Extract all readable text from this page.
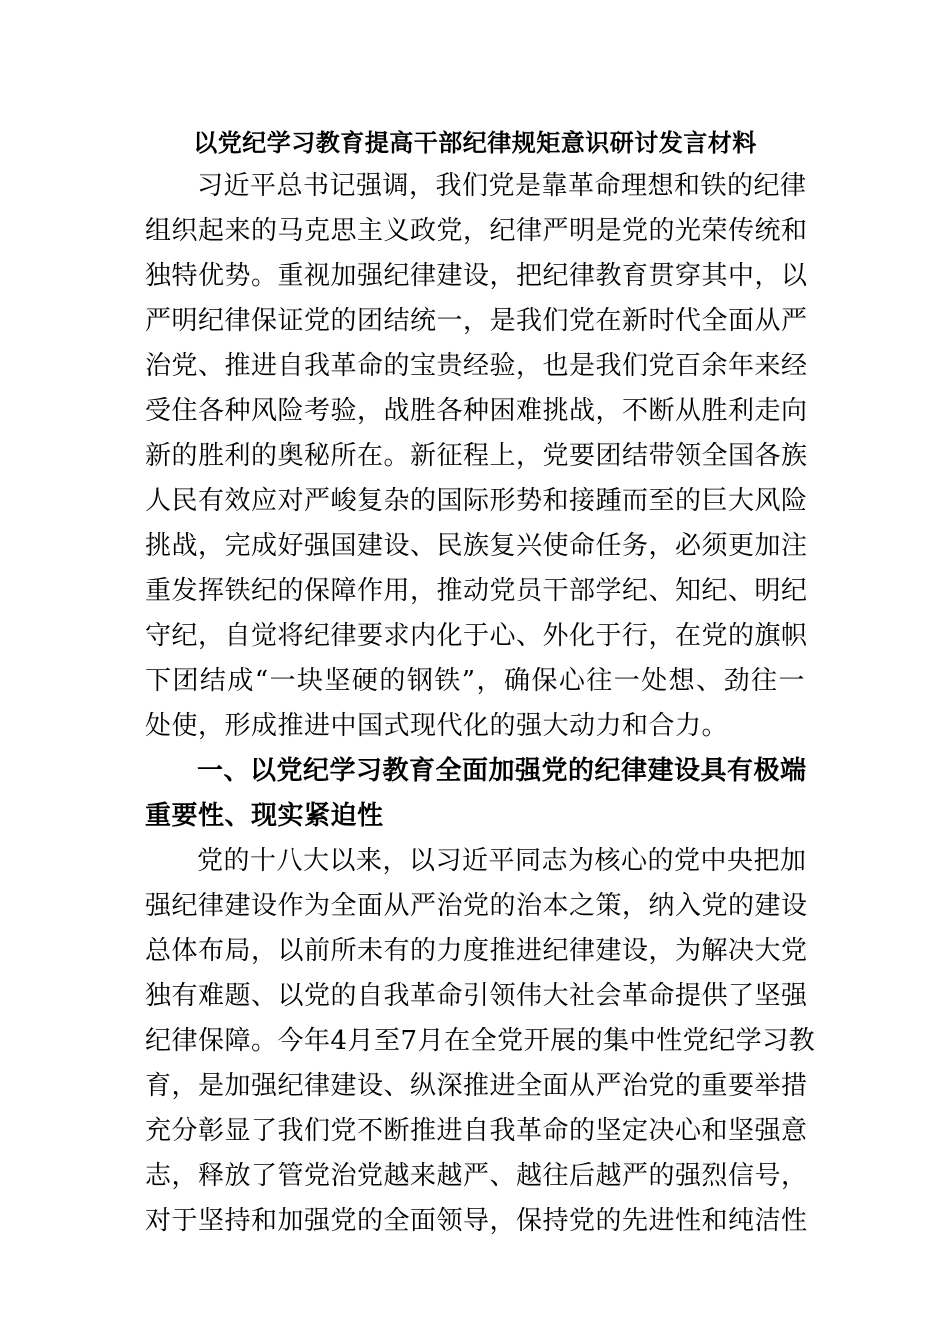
以党纪学习教育提高干部纪律规矩意识研讨发言材料
习近平总书记强调，我们党是靠革命理想和铁的纪律
组织起来的马克思主义政党，纪律严明是党的光荣传统和
独特优势。重视加强纪律建设，把纪律教育贯穿其中，以
严明纪律保证党的团结统一，是我们党在新时代全面从严
治党、推进自我革命的宝贵经验，也是我们党百余年来经
受住各种风险考验，战胜各种困难挑战，不断从胜利走向
新的胜利的奥秘所在。新征程上，党要团结带领全国各族
人民有效应对严峻复杂的国际形势和接踵而至的巨大风险
挑战，完成好强国建设、民族复兴使命任务，必须更加注
重发挥铁纪的保障作用，推动党员干部学纪、知纪、明纪
守纪，自觉将纪律要求内化于心、外化于行，在党的旗帜
下团结成“一块坚硬的钢铁”，确保心往一处想、劲往一
处使，形成推进中国式现代化的强大动力和合力。
一、以党纪学习教育全面加强党的纪律建设具有极端
重要性、现实紧迫性
党的十八大以来，以习近平同志为核心的党中央把加
强纪律建设作为全面从严治党的治本之策，纳入党的建设
总体布局，以前所未有的力度推进纪律建设，为解决大党
独有难题、以党的自我革命引领伟大社会革命提供了坚强
纪律保障。今年4月至7月在全党开展的集中性党纪学习教
育，是加强纪律建设、纵深推进全面从严治党的重要举措
充分彰显了我们党不断推进自我革命的坚定决心和坚强意
志，释放了管党治党越来越严、越往后越严的强烈信号，
对于坚持和加强党的全面领导，保持党的先进性和纯洁性
